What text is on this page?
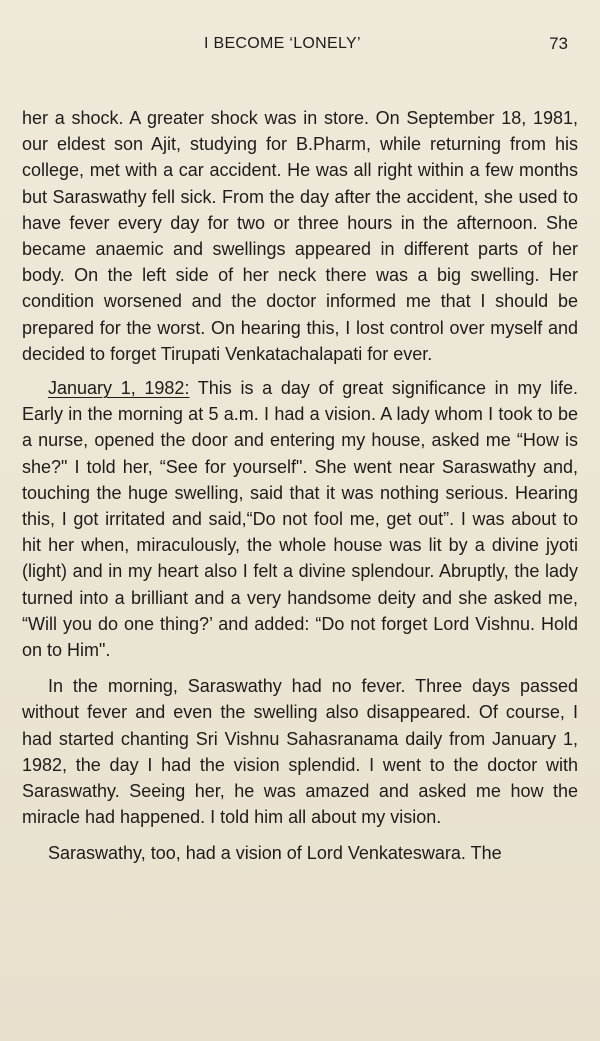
I BECOME ‘LONELY’	73

her a shock. A greater shock was in store. On September 18, 1981, our eldest son Ajit, studying for B.Pharm, while returning from his college, met with a car accident. He was all right within a few months but Saraswathy fell sick. From the day after the accident, she used to have fever every day for two or three hours in the afternoon. She became anaemic and swellings appeared in different parts of her body. On the left side of her neck there was a big swelling. Her condition worsened and the doctor informed me that I should be prepared for the worst. On hearing this, I lost control over myself and decided to forget Tirupati Venkatachalapati for ever.

January 1, 1982: This is a day of great significance in my life. Early in the morning at 5 a.m. I had a vision. A lady whom I took to be a nurse, opened the door and entering my house, asked me “How is she?" I told her, “See for yourself". She went near Saraswathy and, touching the huge swelling, said that it was nothing serious. Hearing this, I got irritated and said,“Do not fool me, get out”. I was about to hit her when, miraculously, the whole house was lit by a divine jyoti (light) and in my heart also I felt a divine splendour. Abruptly, the lady turned into a brilliant and a very handsome deity and she asked me, “Will you do one thing?’ and added: “Do not forget Lord Vishnu. Hold on to Him".

In the morning, Saraswathy had no fever. Three days passed without fever and even the swelling also disappeared. Of course, I had started chanting Sri Vishnu Sahasranama daily from January 1, 1982, the day I had the vision splendid. I went to the doctor with Saraswathy. Seeing her, he was amazed and asked me how the miracle had happened. I told him all about my vision.

Saraswathy, too, had a vision of Lord Venkateswara. The
